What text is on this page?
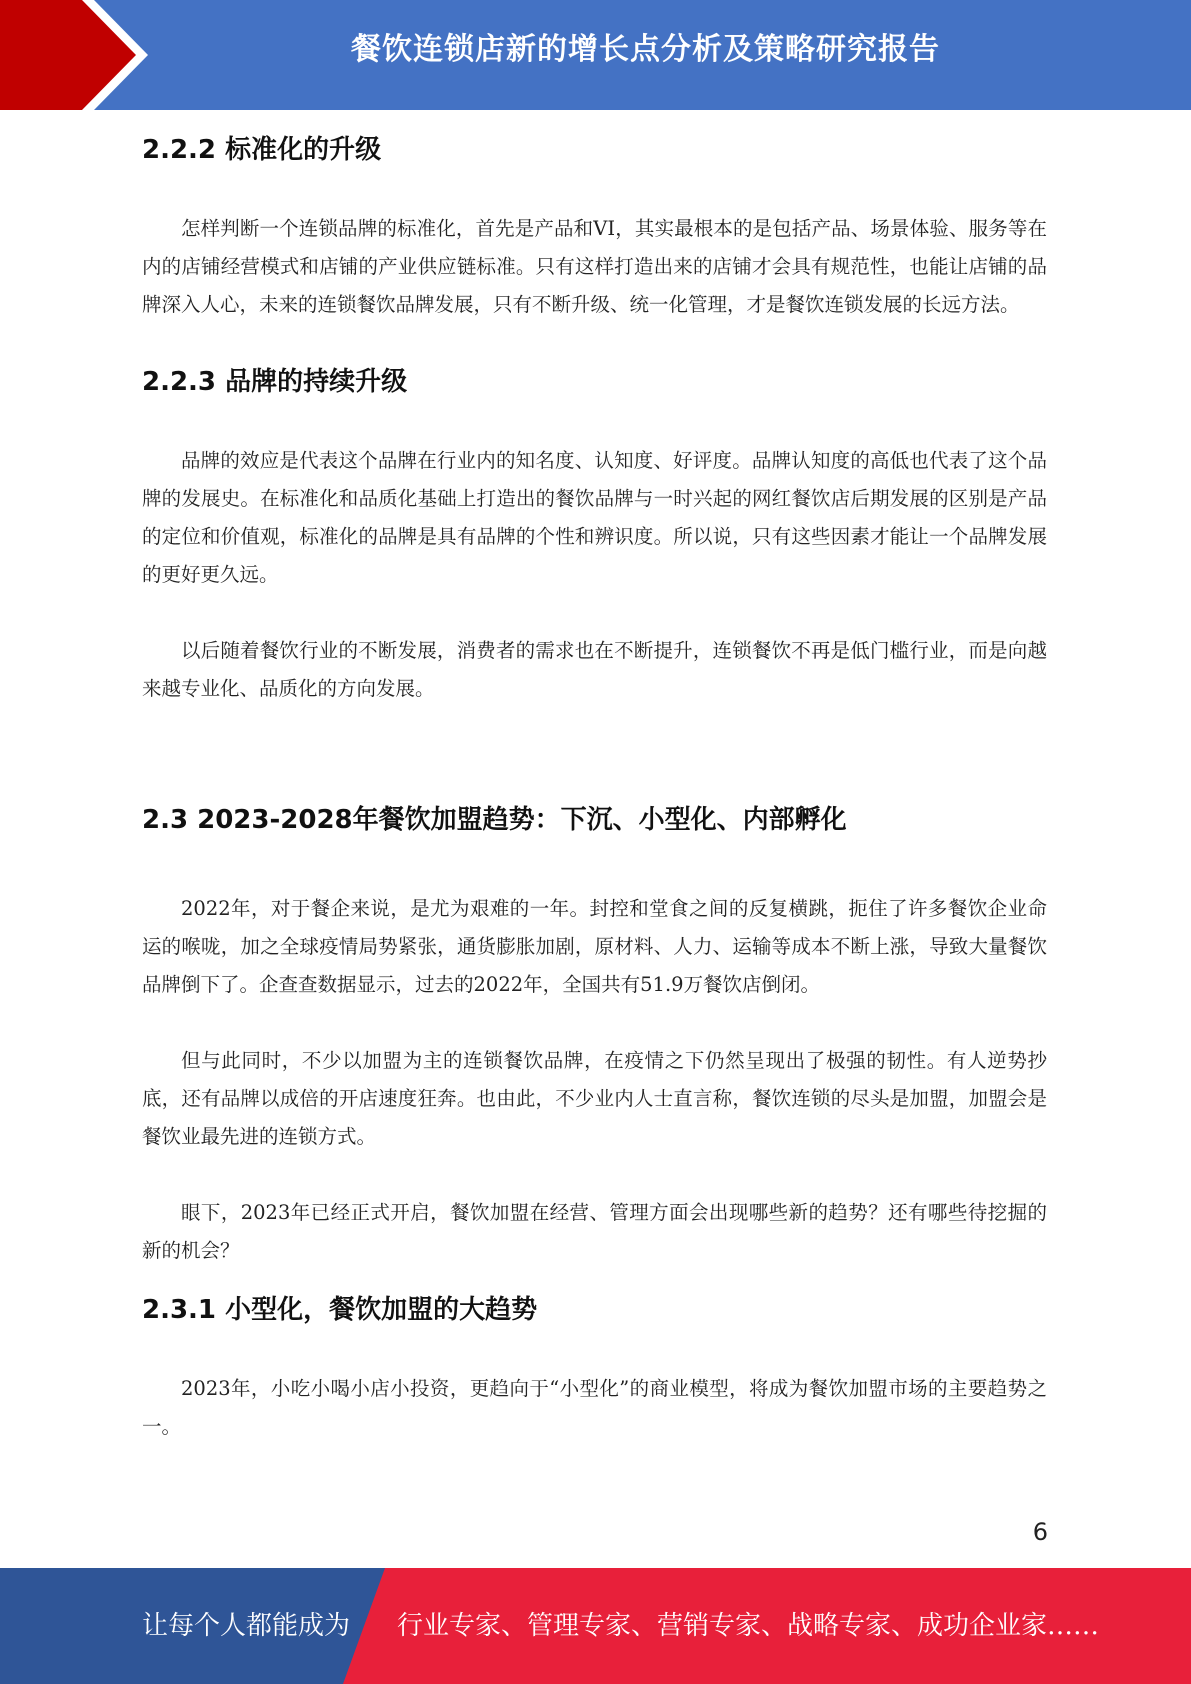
餐饮连锁店新的增长点分析及策略研究报告
2.2.2 标准化的升级

怎样判断一个连锁品牌的标准化，首先是产品和VI，其实最根本的是包括产品、场景体验、服务等在内的店铺经营模式和店铺的产业供应链标准。只有这样打造出来的店铺才会具有规范性，也能让店铺的品牌深入人心，未来的连锁餐饮品牌发展，只有不断升级、统一化管理，才是餐饮连锁发展的长远方法。

2.2.3 品牌的持续升级

品牌的效应是代表这个品牌在行业内的知名度、认知度、好评度。品牌认知度的高低也代表了这个品牌的发展史。在标准化和品质化基础上打造出的餐饮品牌与一时兴起的网红餐饮店后期发展的区别是产品的定位和价值观，标准化的品牌是具有品牌的个性和辨识度。所以说，只有这些因素才能让一个品牌发展的更好更久远。

以后随着餐饮行业的不断发展，消费者的需求也在不断提升，连锁餐饮不再是低门槛行业，而是向越来越专业化、品质化的方向发展。

2.3 2023-2028年餐饮加盟趋势：下沉、小型化、内部孵化

2022年，对于餐企来说，是尤为艰难的一年。封控和堂食之间的反复横跳，扼住了许多餐饮企业命运的喉咙，加之全球疫情局势紧张，通货膨胀加剧，原材料、人力、运输等成本不断上涨，导致大量餐饮品牌倒下了。企查查数据显示，过去的2022年，全国共有51.9万餐饮店倒闭。

但与此同时，不少以加盟为主的连锁餐饮品牌，在疫情之下仍然呈现出了极强的韧性。有人逆势抄底，还有品牌以成倍的开店速度狂奔。也由此，不少业内人士直言称，餐饮连锁的尽头是加盟，加盟会是餐饮业最先进的连锁方式。

眼下，2023年已经正式开启，餐饮加盟在经营、管理方面会出现哪些新的趋势？还有哪些待挖掘的新的机会？

2.3.1 小型化，餐饮加盟的大趋势

2023年，小吃小喝小店小投资，更趋向于“小型化”的商业模型，将成为餐饮加盟市场的主要趋势之一。

6
让每个人都能成为 行业专家、管理专家、营销专家、战略专家、成功企业家……
